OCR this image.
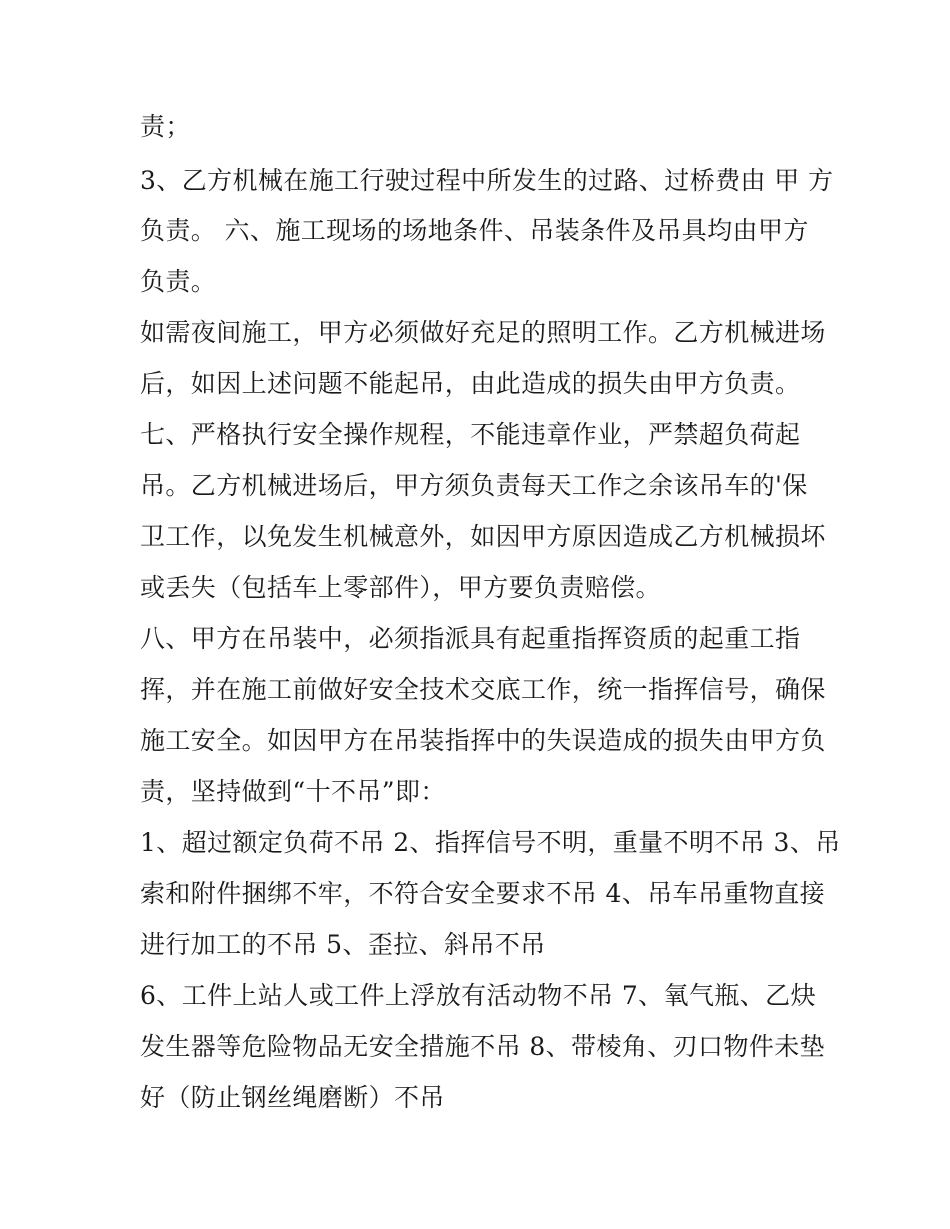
责；
3、乙方机械在施工行驶过程中所发生的过路、过桥费由 甲 方
负责。 六、施工现场的场地条件、吊装条件及吊具均由甲方
负责。
如需夜间施工，甲方必须做好充足的照明工作。乙方机械进场
后，如因上述问题不能起吊，由此造成的损失由甲方负责。
七、严格执行安全操作规程，不能违章作业，严禁超负荷起
吊。乙方机械进场后，甲方须负责每天工作之余该吊车的'保
卫工作，以免发生机械意外，如因甲方原因造成乙方机械损坏
或丢失（包括车上零部件），甲方要负责赔偿。
八、甲方在吊装中，必须指派具有起重指挥资质的起重工指
挥，并在施工前做好安全技术交底工作，统一指挥信号，确保
施工安全。如因甲方在吊装指挥中的失误造成的损失由甲方负
责，坚持做到“十不吊”即：
1、超过额定负荷不吊 2、指挥信号不明，重量不明不吊 3、吊
索和附件捆绑不牢，不符合安全要求不吊 4、吊车吊重物直接
进行加工的不吊 5、歪拉、斜吊不吊
6、工件上站人或工件上浮放有活动物不吊 7、氧气瓶、乙炔
发生器等危险物品无安全措施不吊 8、带棱角、刃口物件未垫
好（防止钢丝绳磨断）不吊
